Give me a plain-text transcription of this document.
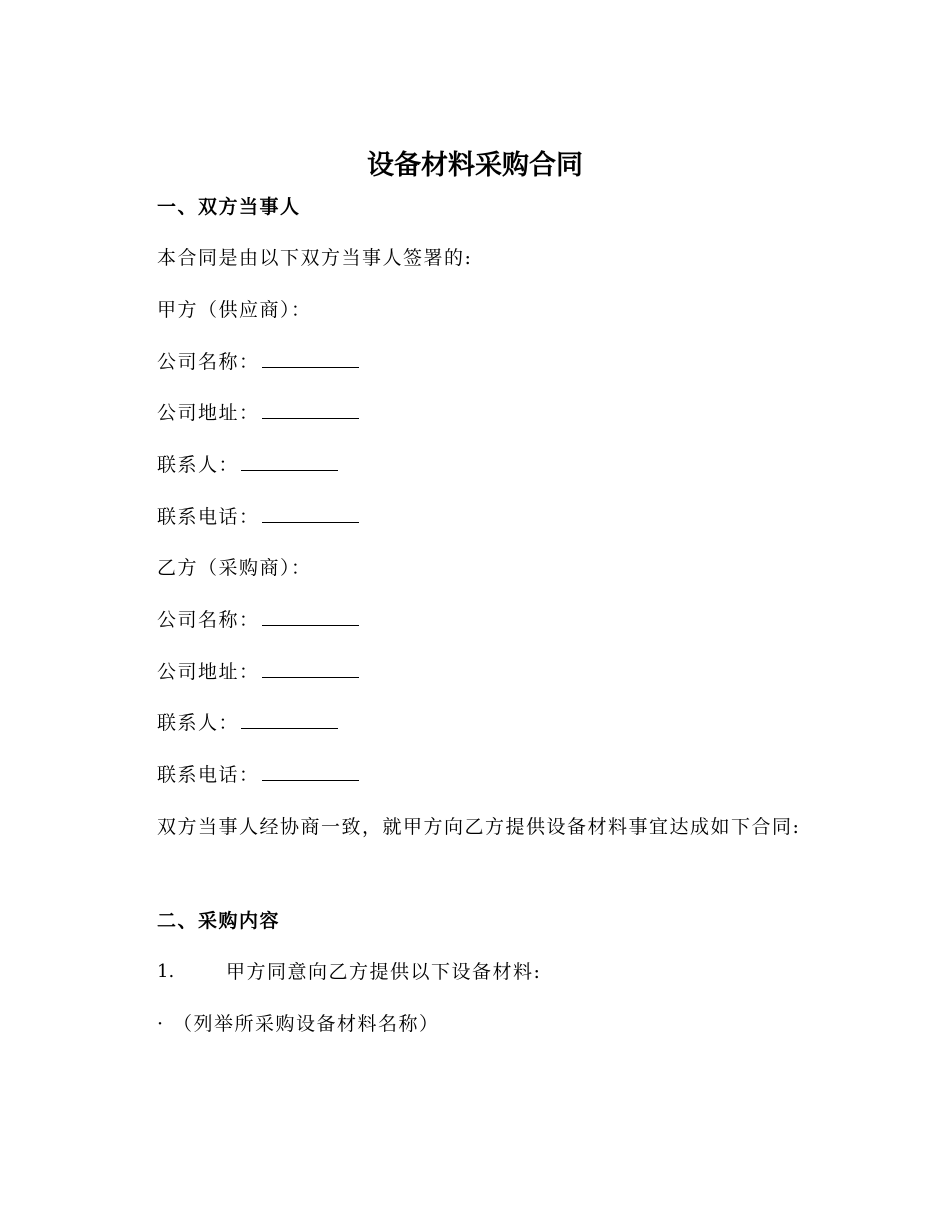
设备材料采购合同
一、双方当事人
本合同是由以下双方当事人签署的:
甲方（供应商）：
公司名称：
公司地址：
联系人：
联系电话：
乙方（采购商）：
公司名称：
公司地址：
联系人：
联系电话：

双方当事人经协商一致，就甲方向乙方提供设备材料事宜达成如下合同:

二、采购内容
1.	甲方同意向乙方提供以下设备材料:
· （列举所采购设备材料名称）
